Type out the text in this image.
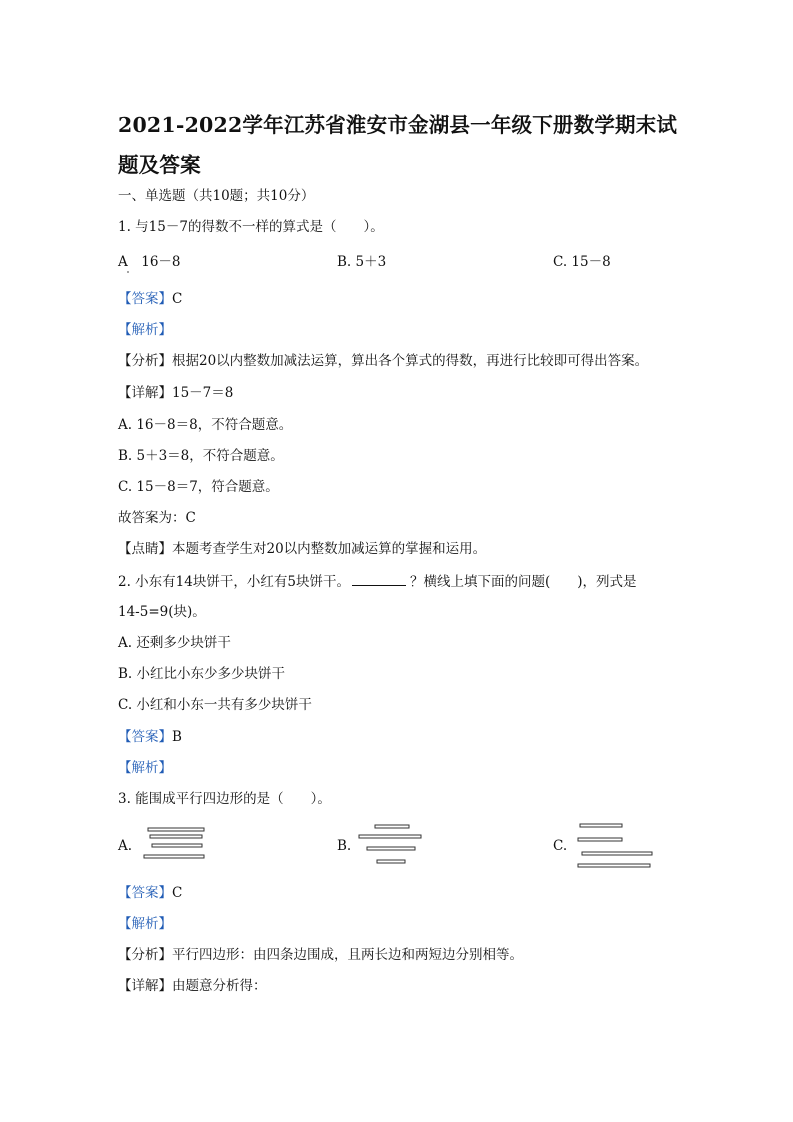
2021-2022学年江苏省淮安市金湖县一年级下册数学期末试
题及答案
一、单选题（共10题；共10分）
1. 与15－7的得数不一样的算式是（　　）。
A　16－8	B. 5＋3	C. 15－8
【答案】C
【解析】
【分析】根据20以内整数加减法运算，算出各个算式的得数，再进行比较即可得出答案。
【详解】15－7＝8
A. 16－8＝8，不符合题意。
B. 5＋3＝8，不符合题意。
C. 15－8＝7，符合题意。
故答案为：C
【点睛】本题考查学生对20以内整数加减运算的掌握和运用。
2. 小东有14块饼干，小红有5块饼干。	？横线上填下面的问题(　　)，列式是
14-5=9(块)。
A. 还剩多少块饼干
B. 小红比小东少多少块饼干
C. 小红和小东一共有多少块饼干
【答案】B
【解析】
3. 能围成平行四边形的是（　　）。
A.	B.	C.
【答案】C
【解析】
【分析】平行四边形：由四条边围成，且两长边和两短边分别相等。
【详解】由题意分析得：
